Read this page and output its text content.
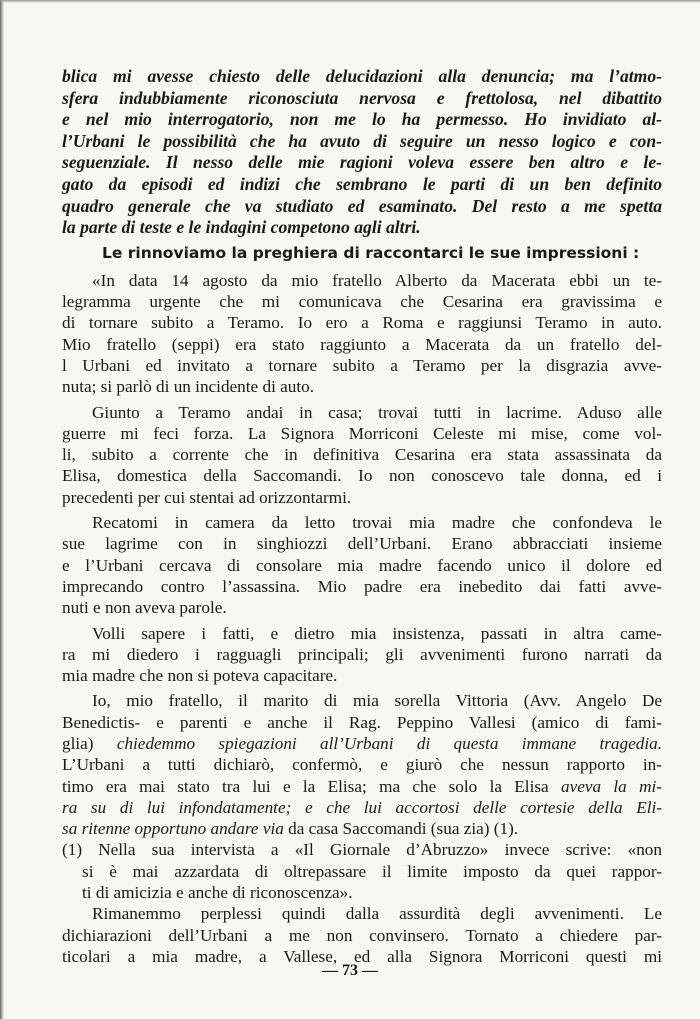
blica mi avesse chiesto delle delucidazioni alla denuncia; ma l’atmo-
sfera indubbiamente riconosciuta nervosa e frettolosa, nel dibattito
e nel mio interrogatorio, non me lo ha permesso. Ho invidiato al-
l’Urbani le possibilità che ha avuto di seguire un nesso logico e con-
seguenziale. Il nesso delle mie ragioni voleva essere ben altro e le-
gato da episodi ed indizi che sembrano le parti di un ben definito
quadro generale che va studiato ed esaminato. Del resto a me spetta
la parte di teste e le indagini competono agli altri.

Le rinnoviamo la preghiera di raccontarci le sue impressioni :

«In data 14 agosto da mio fratello Alberto da Macerata ebbi un te-
legramma urgente che mi comunicava che Cesarina era gravissima e
di tornare subito a Teramo. Io ero a Roma e raggiunsi Teramo in auto.
Mio fratello (seppi) era stato raggiunto a Macerata da un fratello del-
l Urbani ed invitato a tornare subito a Teramo per la disgrazia avve-
nuta; si parlò di un incidente di auto.

Giunto a Teramo andai in casa; trovai tutti in lacrime. Aduso alle
guerre mi feci forza. La Signora Morriconi Celeste mi mise, come vol-
li, subito a corrente che in definitiva Cesarina era stata assassinata da
Elisa, domestica della Saccomandi. Io non conoscevo tale donna, ed i
precedenti per cui stentai ad orizzontarmi.

Recatomi in camera da letto trovai mia madre che confondeva le
sue lagrime con in singhiozzi dell’Urbani. Erano abbracciati insieme
e l’Urbani cercava di consolare mia madre facendo unico il dolore ed
imprecando contro l’assassina. Mio padre era inebedito dai fatti avve-
nuti e non aveva parole.

Volli sapere i fatti, e dietro mia insistenza, passati in altra came-
ra mi diedero i ragguagli principali; gli avvenimenti furono narrati da
mia madre che non si poteva capacitare.

Io, mio fratello, il marito di mia sorella Vittoria (Avv. Angelo De
Benedictis- e parenti e anche il Rag. Peppino Vallesi (amico di fami-
glia) chiedemmo spiegazioni all’Urbani di questa immane tragedia.
L’Urbani a tutti dichiarò, confermò, e giurò che nessun rapporto in-
timo era mai stato tra lui e la Elisa; ma che solo la Elisa aveva la mi-
ra su di lui infondatamente; e che lui accortosi delle cortesie della Eli-
sa ritenne opportuno andare via da casa Saccomandi (sua zia) (1).

(1) Nella sua intervista a «Il Giornale d’Abruzzo» invece scrive: «non
si è mai azzardata di oltrepassare il limite imposto da quei rappor-
ti di amicizia e anche di riconoscenza».

Rimanemmo perplessi quindi dalla assurdità degli avvenimenti. Le
dichiarazioni dell’Urbani a me non convinsero. Tornato a chiedere par-
ticolari a mia madre, a Vallese, ed alla Signora Morriconi questi mi

— 73 —
